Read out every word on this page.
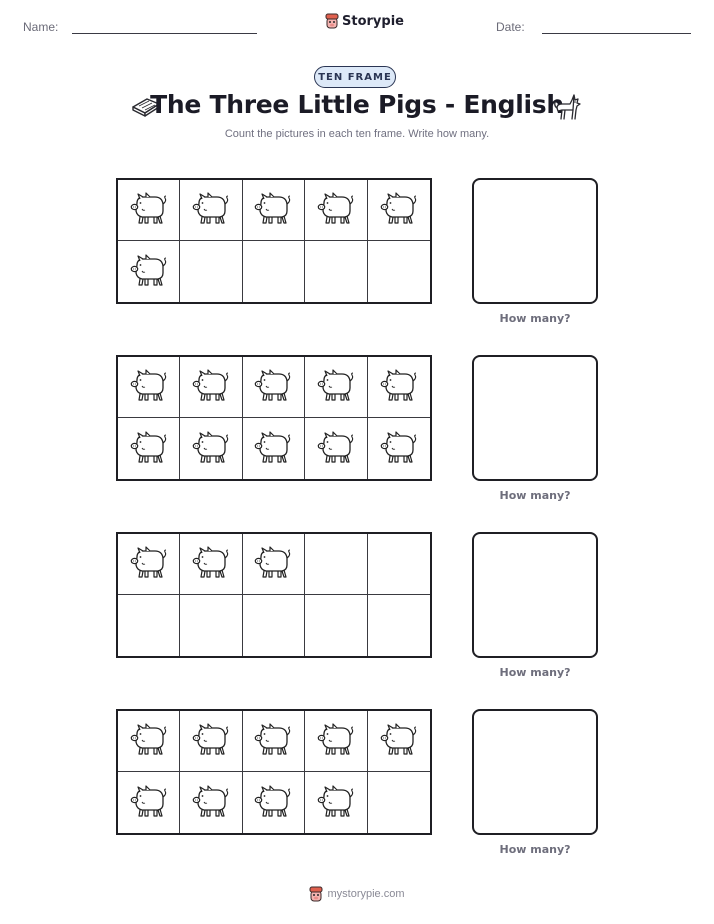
Name:	Storypie	Date:
TEN FRAME
The Three Little Pigs - English
Count the pictures in each ten frame. Write how many.
How many?
How many?
How many?
How many?
mystorypie.com
